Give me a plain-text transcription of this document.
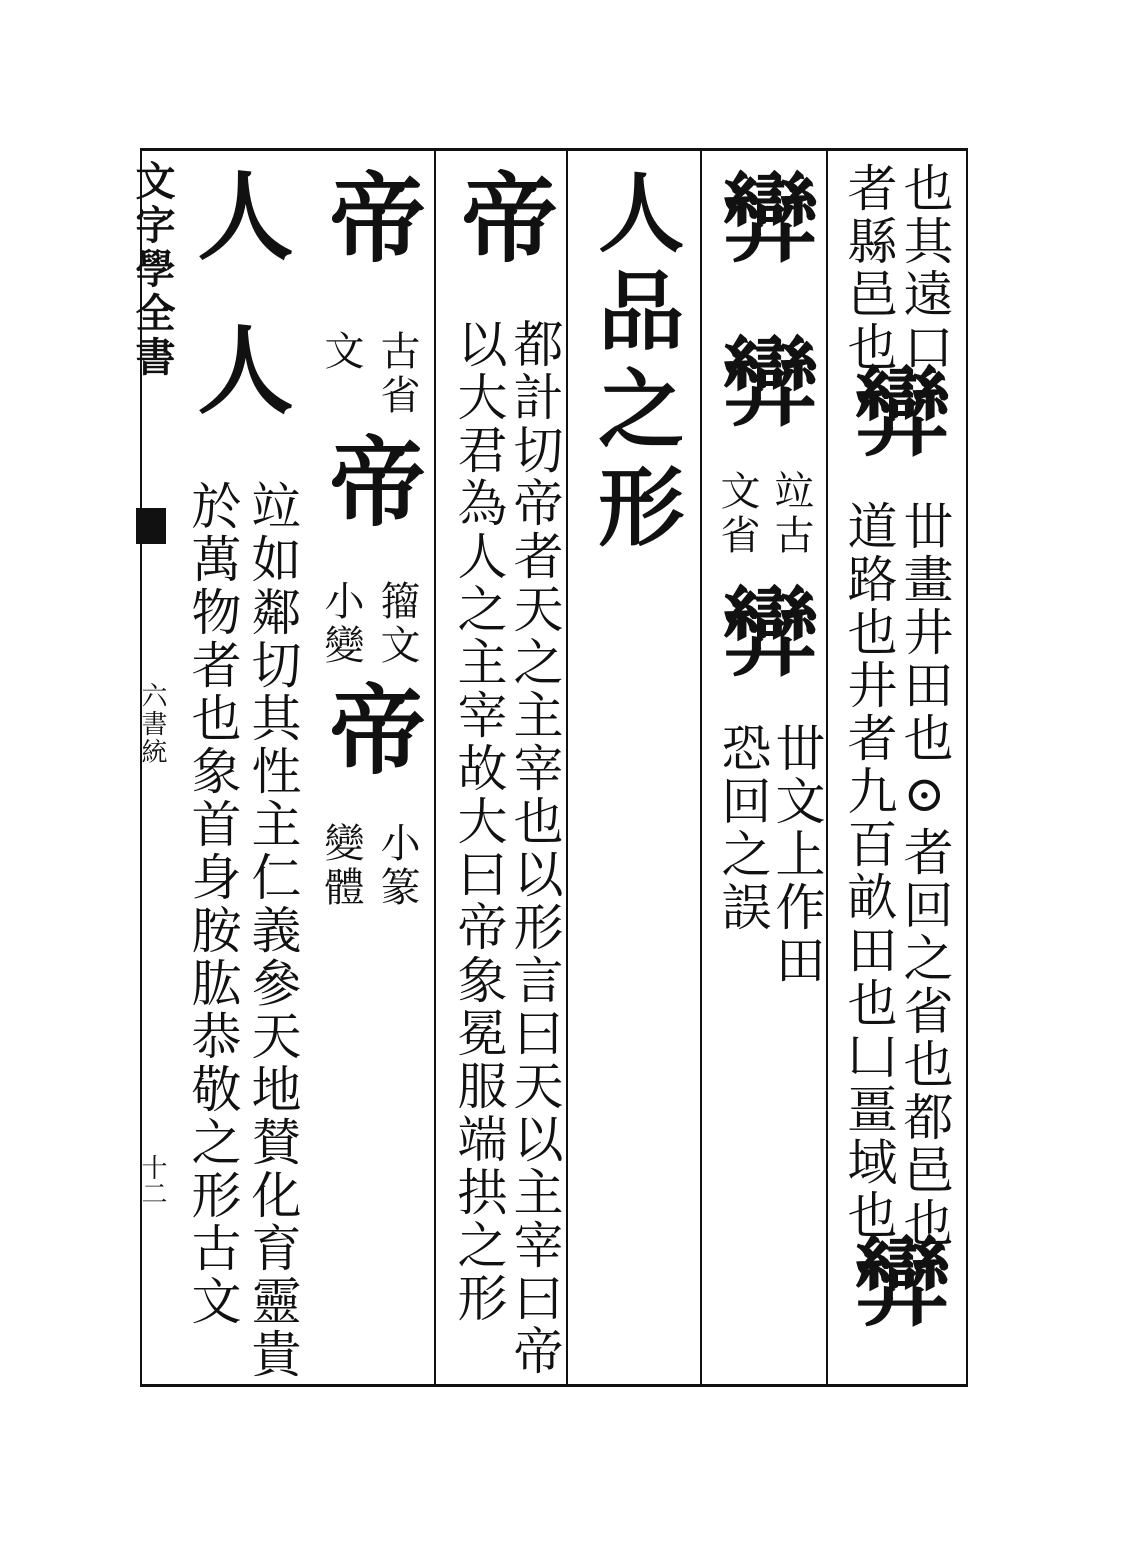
文字學全書
六書統
十二
也其遠口
者縣邑也
𢍶
丗畫井田也⊙者回之省也都邑也
道路也井者九百畝田也凵畺域也
𢍶
𢍶
𢍶
竝古
文省
𢍶
丗文上作田
恐回之誤
人品之形
帝
都計切帝者天之主宰也以形言曰天以主宰曰帝
以大君為人之主宰故大曰帝象冕服端拱之形
帝
古省
文
帝
籀文
小變
帝
小篆
變體
人
人
竝如鄰切其性主仁義參天地賛化育靈貴
於萬物者也象首身胺肱恭敬之形古文
